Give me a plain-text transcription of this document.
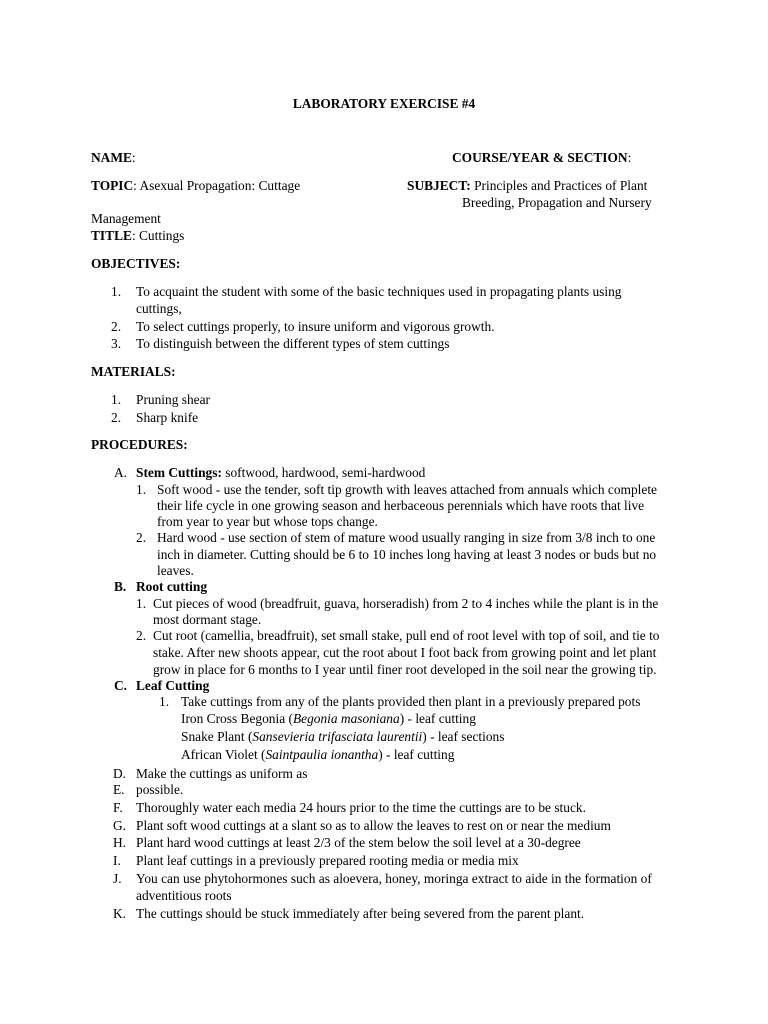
LABORATORY EXERCISE #4
NAME:	COURSE/YEAR & SECTION:
TOPIC: Asexual Propagation: Cuttage	SUBJECT: Principles and Practices of Plant
Breeding, Propagation and Nursery
Management
TITLE: Cuttings
OBJECTIVES:
1. To acquaint the student with some of the basic techniques used in propagating plants using
cuttings,
2. To select cuttings properly, to insure uniform and vigorous growth.
3. To distinguish between the different types of stem cuttings
MATERIALS:
1. Pruning shear
2. Sharp knife
PROCEDURES:
A. Stem Cuttings: softwood, hardwood, semi-hardwood
1. Soft wood - use the tender, soft tip growth with leaves attached from annuals which complete
their life cycle in one growing season and herbaceous perennials which have roots that live
from year to year but whose tops change.
2. Hard wood - use section of stem of mature wood usually ranging in size from 3/8 inch to one
inch in diameter. Cutting should be 6 to 10 inches long having at least 3 nodes or buds but no
leaves.
B. Root cutting
1. Cut pieces of wood (breadfruit, guava, horseradish) from 2 to 4 inches while the plant is in the
most dormant stage.
2. Cut root (camellia, breadfruit), set small stake, pull end of root level with top of soil, and tie to
stake. After new shoots appear, cut the root about I foot back from growing point and let plant
grow in place for 6 months to I year until finer root developed in the soil near the growing tip.
C. Leaf Cutting
1. Take cuttings from any of the plants provided then plant in a previously prepared pots
Iron Cross Begonia (Begonia masoniana) - leaf cutting
Snake Plant (Sansevieria trifasciata laurentii) - leaf sections
African Violet (Saintpaulia ionantha) - leaf cutting
D. Make the cuttings as uniform as
E. possible.
F. Thoroughly water each media 24 hours prior to the time the cuttings are to be stuck.
G. Plant soft wood cuttings at a slant so as to allow the leaves to rest on or near the medium
H. Plant hard wood cuttings at least 2/3 of the stem below the soil level at a 30-degree
I. Plant leaf cuttings in a previously prepared rooting media or media mix
J. You can use phytohormones such as aloevera, honey, moringa extract to aide in the formation of
adventitious roots
K. The cuttings should be stuck immediately after being severed from the parent plant.
